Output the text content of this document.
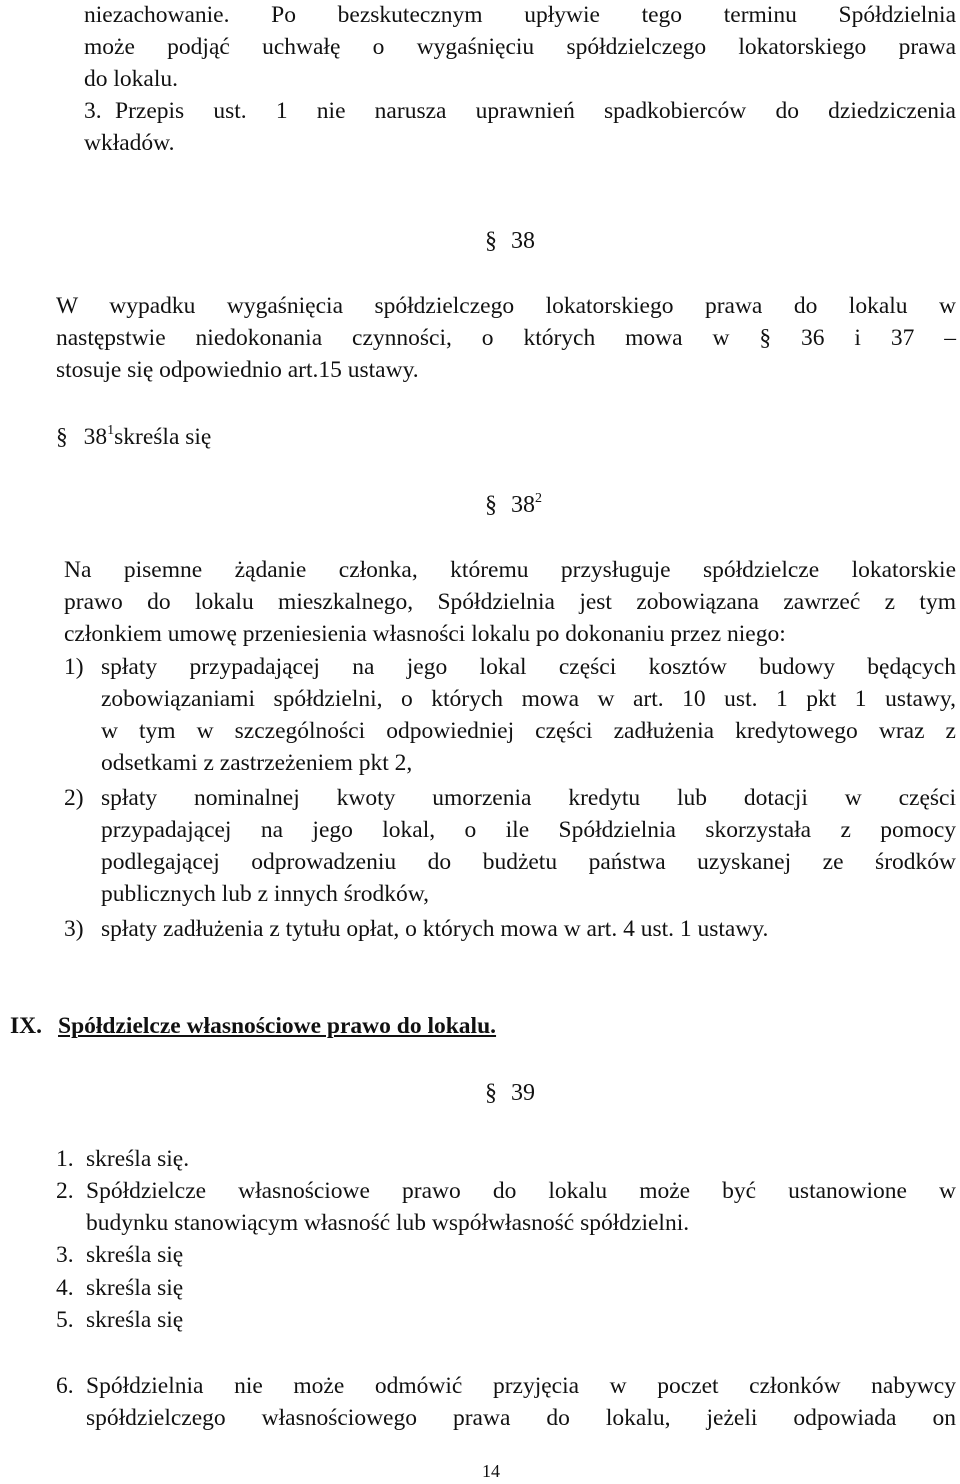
niezachowanie. Po bezskutecznym upływie tego terminu Spółdzielnia
może podjąć uchwałę o wygaśnięciu spółdzielczego lokatorskiego prawa
do lokalu.
3. Przepis ust. 1 nie narusza uprawnień spadkobierców do dziedziczenia
wkładów.
§ 38
W wypadku wygaśnięcia spółdzielczego lokatorskiego prawa do lokalu w
następstwie niedokonania czynności, o których mowa w § 36 i 37 –
stosuje się odpowiednio art.15 ustawy.
§ $38^1skreśla$ się
§ $38^2$
Na pisemne żądanie członka, któremu przysługuje spółdzielcze lokatorskie
prawo do lokalu mieszkalnego, Spółdzielnia jest zobowiązana zawrzeć z tym
członkiem umowę przeniesienia własności lokalu po dokonaniu przez niego:
1) spłaty przypadającej na jego lokal części kosztów budowy będących
zobowiązaniami spółdzielni, o których mowa w art. 10 ust. 1 pkt 1 ustawy,
w tym w szczególności odpowiedniej części zadłużenia kredytowego wraz z
odsetkami z zastrzeżeniem pkt 2,
2) spłaty nominalnej kwoty umorzenia kredytu lub dotacji w części
przypadającej na jego lokal, o ile Spółdzielnia skorzystała z pomocy
podlegającej odprowadzeniu do budżetu państwa uzyskanej ze środków
publicznych lub z innych środków,
3) spłaty zadłużenia z tytułu opłat, o których mowa w art. 4 ust. 1 ustawy.
IX. Spółdzielcze własnościowe prawo do lokalu.
§ 39
1. skreśla się.
2. Spółdzielcze własnościowe prawo do lokalu może być ustanowione w
budynku stanowiącym własność lub współwłasność spółdzielni.
3. skreśla się
4. skreśla się
5. skreśla się
6. Spółdzielnia nie może odmówić przyjęcia w poczet członków nabywcy
spółdzielczego własnościowego prawa do lokalu, jeżeli odpowiada on
14
